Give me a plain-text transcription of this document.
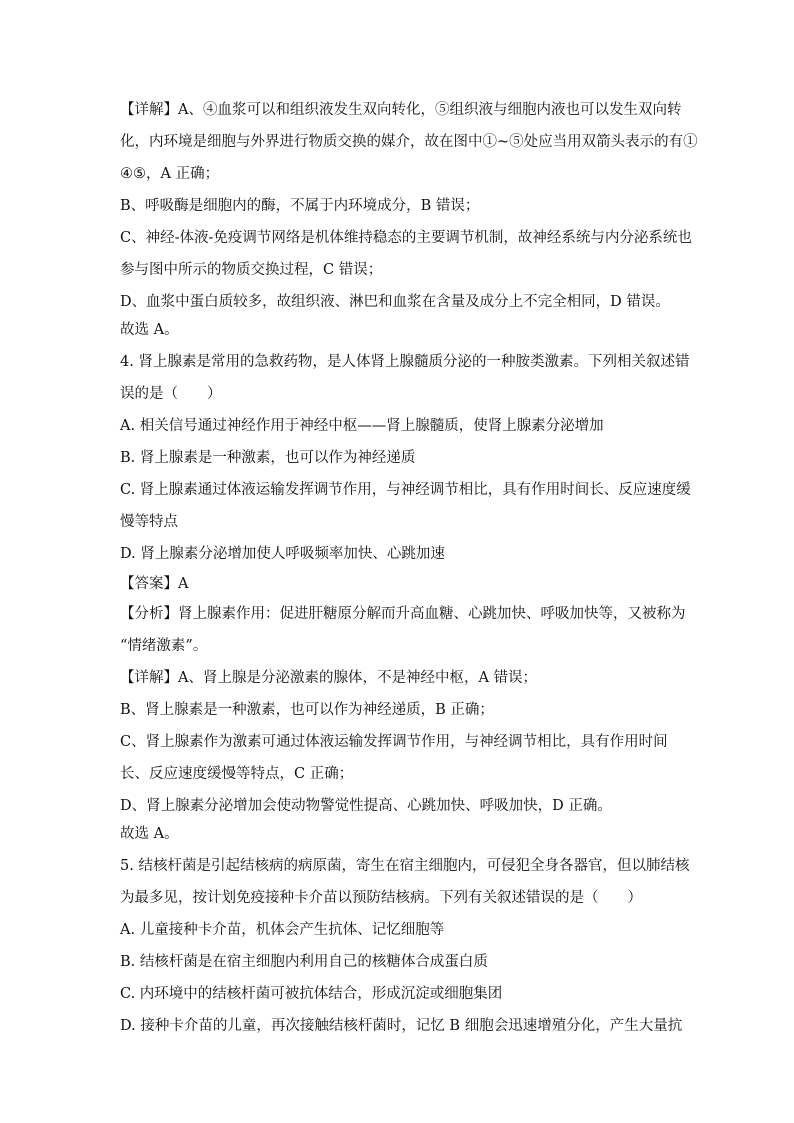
【详解】A、④血浆可以和组织液发生双向转化，⑤组织液与细胞内液也可以发生双向转
化，内环境是细胞与外界进行物质交换的媒介，故在图中①~⑤处应当用双箭头表示的有①
④⑤，A 正确；
B、呼吸酶是细胞内的酶，不属于内环境成分，B 错误；
C、神经-体液-免疫调节网络是机体维持稳态的主要调节机制，故神经系统与内分泌系统也
参与图中所示的物质交换过程，C 错误；
D、血浆中蛋白质较多，故组织液、淋巴和血浆在含量及成分上不完全相同，D 错误。
故选 A。
4. 肾上腺素是常用的急救药物，是人体肾上腺髓质分泌的一种胺类激素。下列相关叙述错
误的是（　　）
A. 相关信号通过神经作用于神经中枢——肾上腺髓质，使肾上腺素分泌增加
B. 肾上腺素是一种激素，也可以作为神经递质
C. 肾上腺素通过体液运输发挥调节作用，与神经调节相比，具有作用时间长、反应速度缓
慢等特点
D. 肾上腺素分泌增加使人呼吸频率加快、心跳加速
【答案】A
【分析】肾上腺素作用：促进肝糖原分解而升高血糖、心跳加快、呼吸加快等，又被称为
“情绪激素”。
【详解】A、肾上腺是分泌激素的腺体，不是神经中枢，A 错误；
B、肾上腺素是一种激素，也可以作为神经递质，B 正确；
C、肾上腺素作为激素可通过体液运输发挥调节作用，与神经调节相比，具有作用时间
长、反应速度缓慢等特点，C 正确；
D、肾上腺素分泌增加会使动物警觉性提高、心跳加快、呼吸加快，D 正确。
故选 A。
5. 结核杆菌是引起结核病的病原菌，寄生在宿主细胞内，可侵犯全身各器官，但以肺结核
为最多见，按计划免疫接种卡介苗以预防结核病。下列有关叙述错误的是（　　）
A. 儿童接种卡介苗，机体会产生抗体、记忆细胞等
B. 结核杆菌是在宿主细胞内利用自己的核糖体合成蛋白质
C. 内环境中的结核杆菌可被抗体结合，形成沉淀或细胞集团
D. 接种卡介苗的儿童，再次接触结核杆菌时，记忆 B 细胞会迅速增殖分化，产生大量抗
